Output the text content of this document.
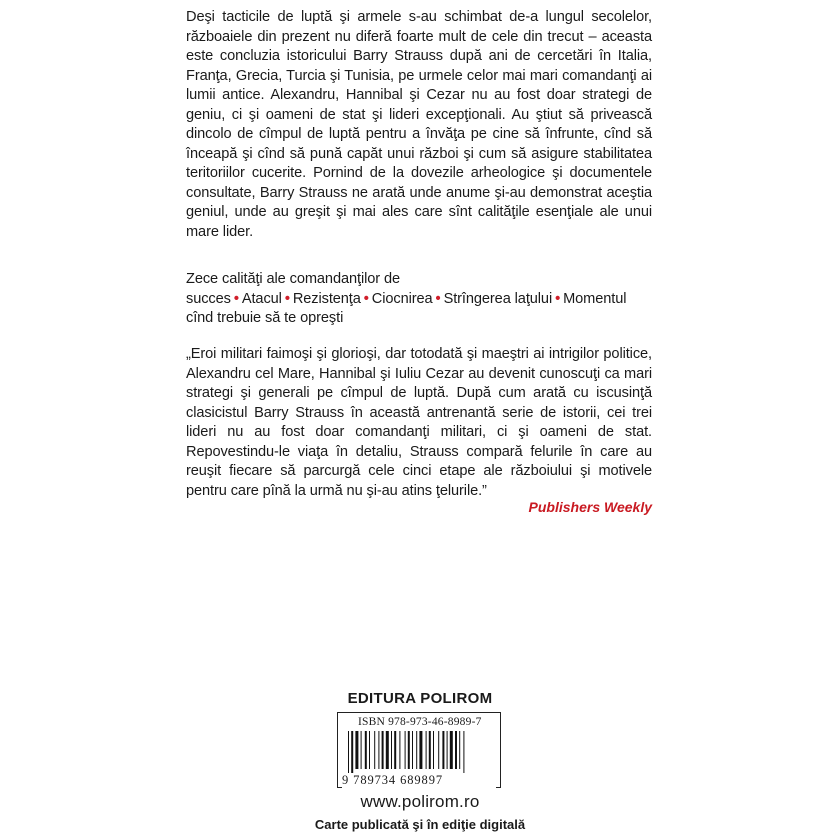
Deşi tacticile de luptă şi armele s-au schimbat de-a lungul secolelor, războaiele din prezent nu diferă foarte mult de cele din trecut – aceasta este concluzia istoricului Barry Strauss după ani de cercetări în Italia, Franţa, Grecia, Turcia şi Tunisia, pe urmele celor mai mari comandanţi ai lumii antice. Alexandru, Hannibal şi Cezar nu au fost doar strategi de geniu, ci şi oameni de stat şi lideri excepţionali. Au ştiut să privească dincolo de cîmpul de luptă pentru a învăţa pe cine să înfrunte, cînd să înceapă şi cînd să pună capăt unui război şi cum să asigure stabilitatea teritoriilor cucerite. Pornind de la dovezile arheologice şi documentele consultate, Barry Strauss ne arată unde anume şi-au demonstrat aceştia geniul, unde au greşit şi mai ales care sînt calităţile esenţiale ale unui mare lider.

Zece calităţi ale comandanţilor de succes • Atacul • Rezistenţa • Ciocnirea • Strîngerea laţului • Momentul cînd trebuie să te opreşti

„Eroi militari faimoşi şi glorioşi, dar totodată şi maeştri ai intrigilor politice, Alexandru cel Mare, Hannibal şi Iuliu Cezar au devenit cunoscuţi ca mari strategi şi generali pe cîmpul de luptă. După cum arată cu iscusinţă clasicistul Barry Strauss în această antrenantă serie de istorii, cei trei lideri nu au fost doar comandanţi militari, ci şi oameni de stat. Repovestindu-le viaţa în detaliu, Strauss compară felurile în care au reuşit fiecare să parcurgă cele cinci etape ale războiului şi motivele pentru care pînă la urmă nu şi-au atins ţelurile.”

Publishers Weekly
EDITURA POLIROM
ISBN 978-973-46-8989-7
9 789734 689897
www.polirom.ro
Carte publicată şi în ediţie digitală
